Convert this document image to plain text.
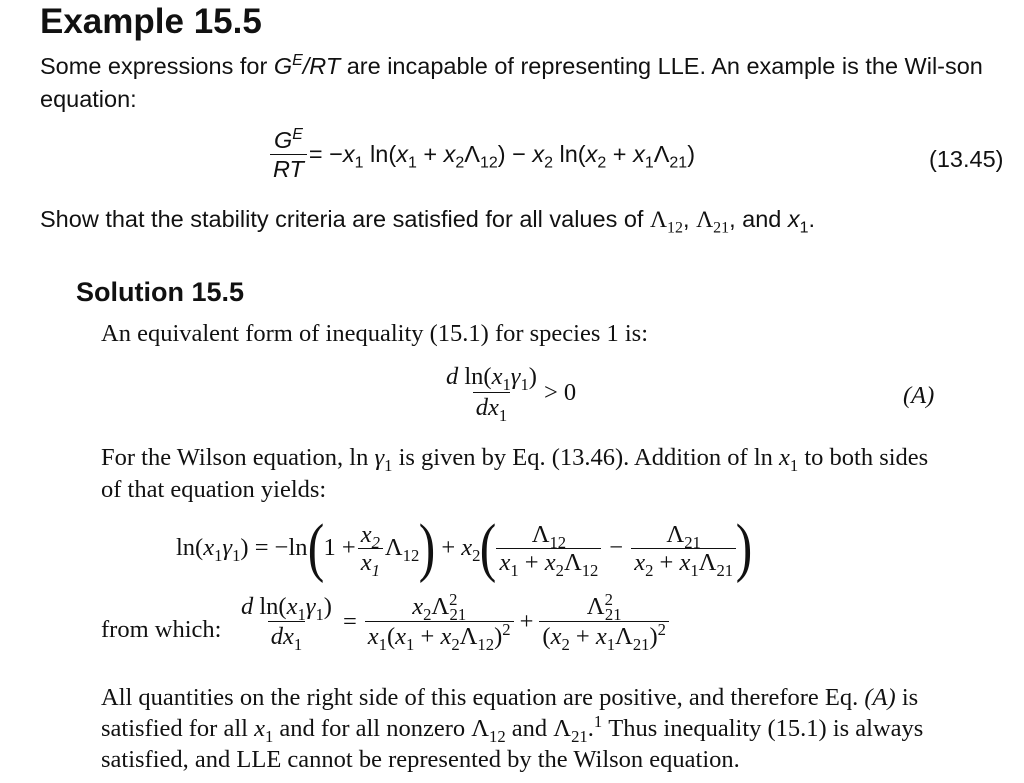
Example 15.5
Some expressions for $G^E/RT$ are incapable of representing LLE. An example is the Wil-son equation:
$\frac{G^E}{RT} = -x_1$ $\ln(x_1 + x_2\Lambda_{12}) - x_2$ $\ln(x_2 + x_1\Lambda_{21})$	(13.45)
Show that the stability criteria are satisfied for all values of $\Lambda_{12}$, $\Lambda_{21}$, and $x_1$.
Solution 15.5
An equivalent form of inequality (15.1) for species 1 is:
$\frac{d \ln(x_1\gamma_1)}{dx_1} > 0$	(A)
For the Wilson equation, $\ln \gamma_1$ is given by Eq. (13.46). Addition of $\ln x_1$ to both sides of that equation yields:
$\ln(x_1\gamma_1) = -\ln$ ( $1 + \frac{x_2}{x_1} \Lambda_{12}$ ) + $x_2$ ( $\frac{\Lambda_{12}}{x_1 + x_2\Lambda_{12}} - \frac{\Lambda_{21}}{x_2 + x_1\Lambda_{21}}$ )
from which: $\frac{d \ln(x_1\gamma_1)}{dx_1} = \frac{x_2\Lambda^2_{21}}{x_1(x_1 + x_2\Lambda_{12})^2} + \frac{\Lambda^2_{21}}{(x_2 + x_1\Lambda_{21})^2}$
All quantities on the right side of this equation are positive, and therefore Eq. (A) is satisfied for all $x_1$ and for all nonzero $\Lambda_{12}$ and $\Lambda_{21}.^1$ Thus inequality (15.1) is always satisfied, and LLE cannot be represented by the Wilson equation.
